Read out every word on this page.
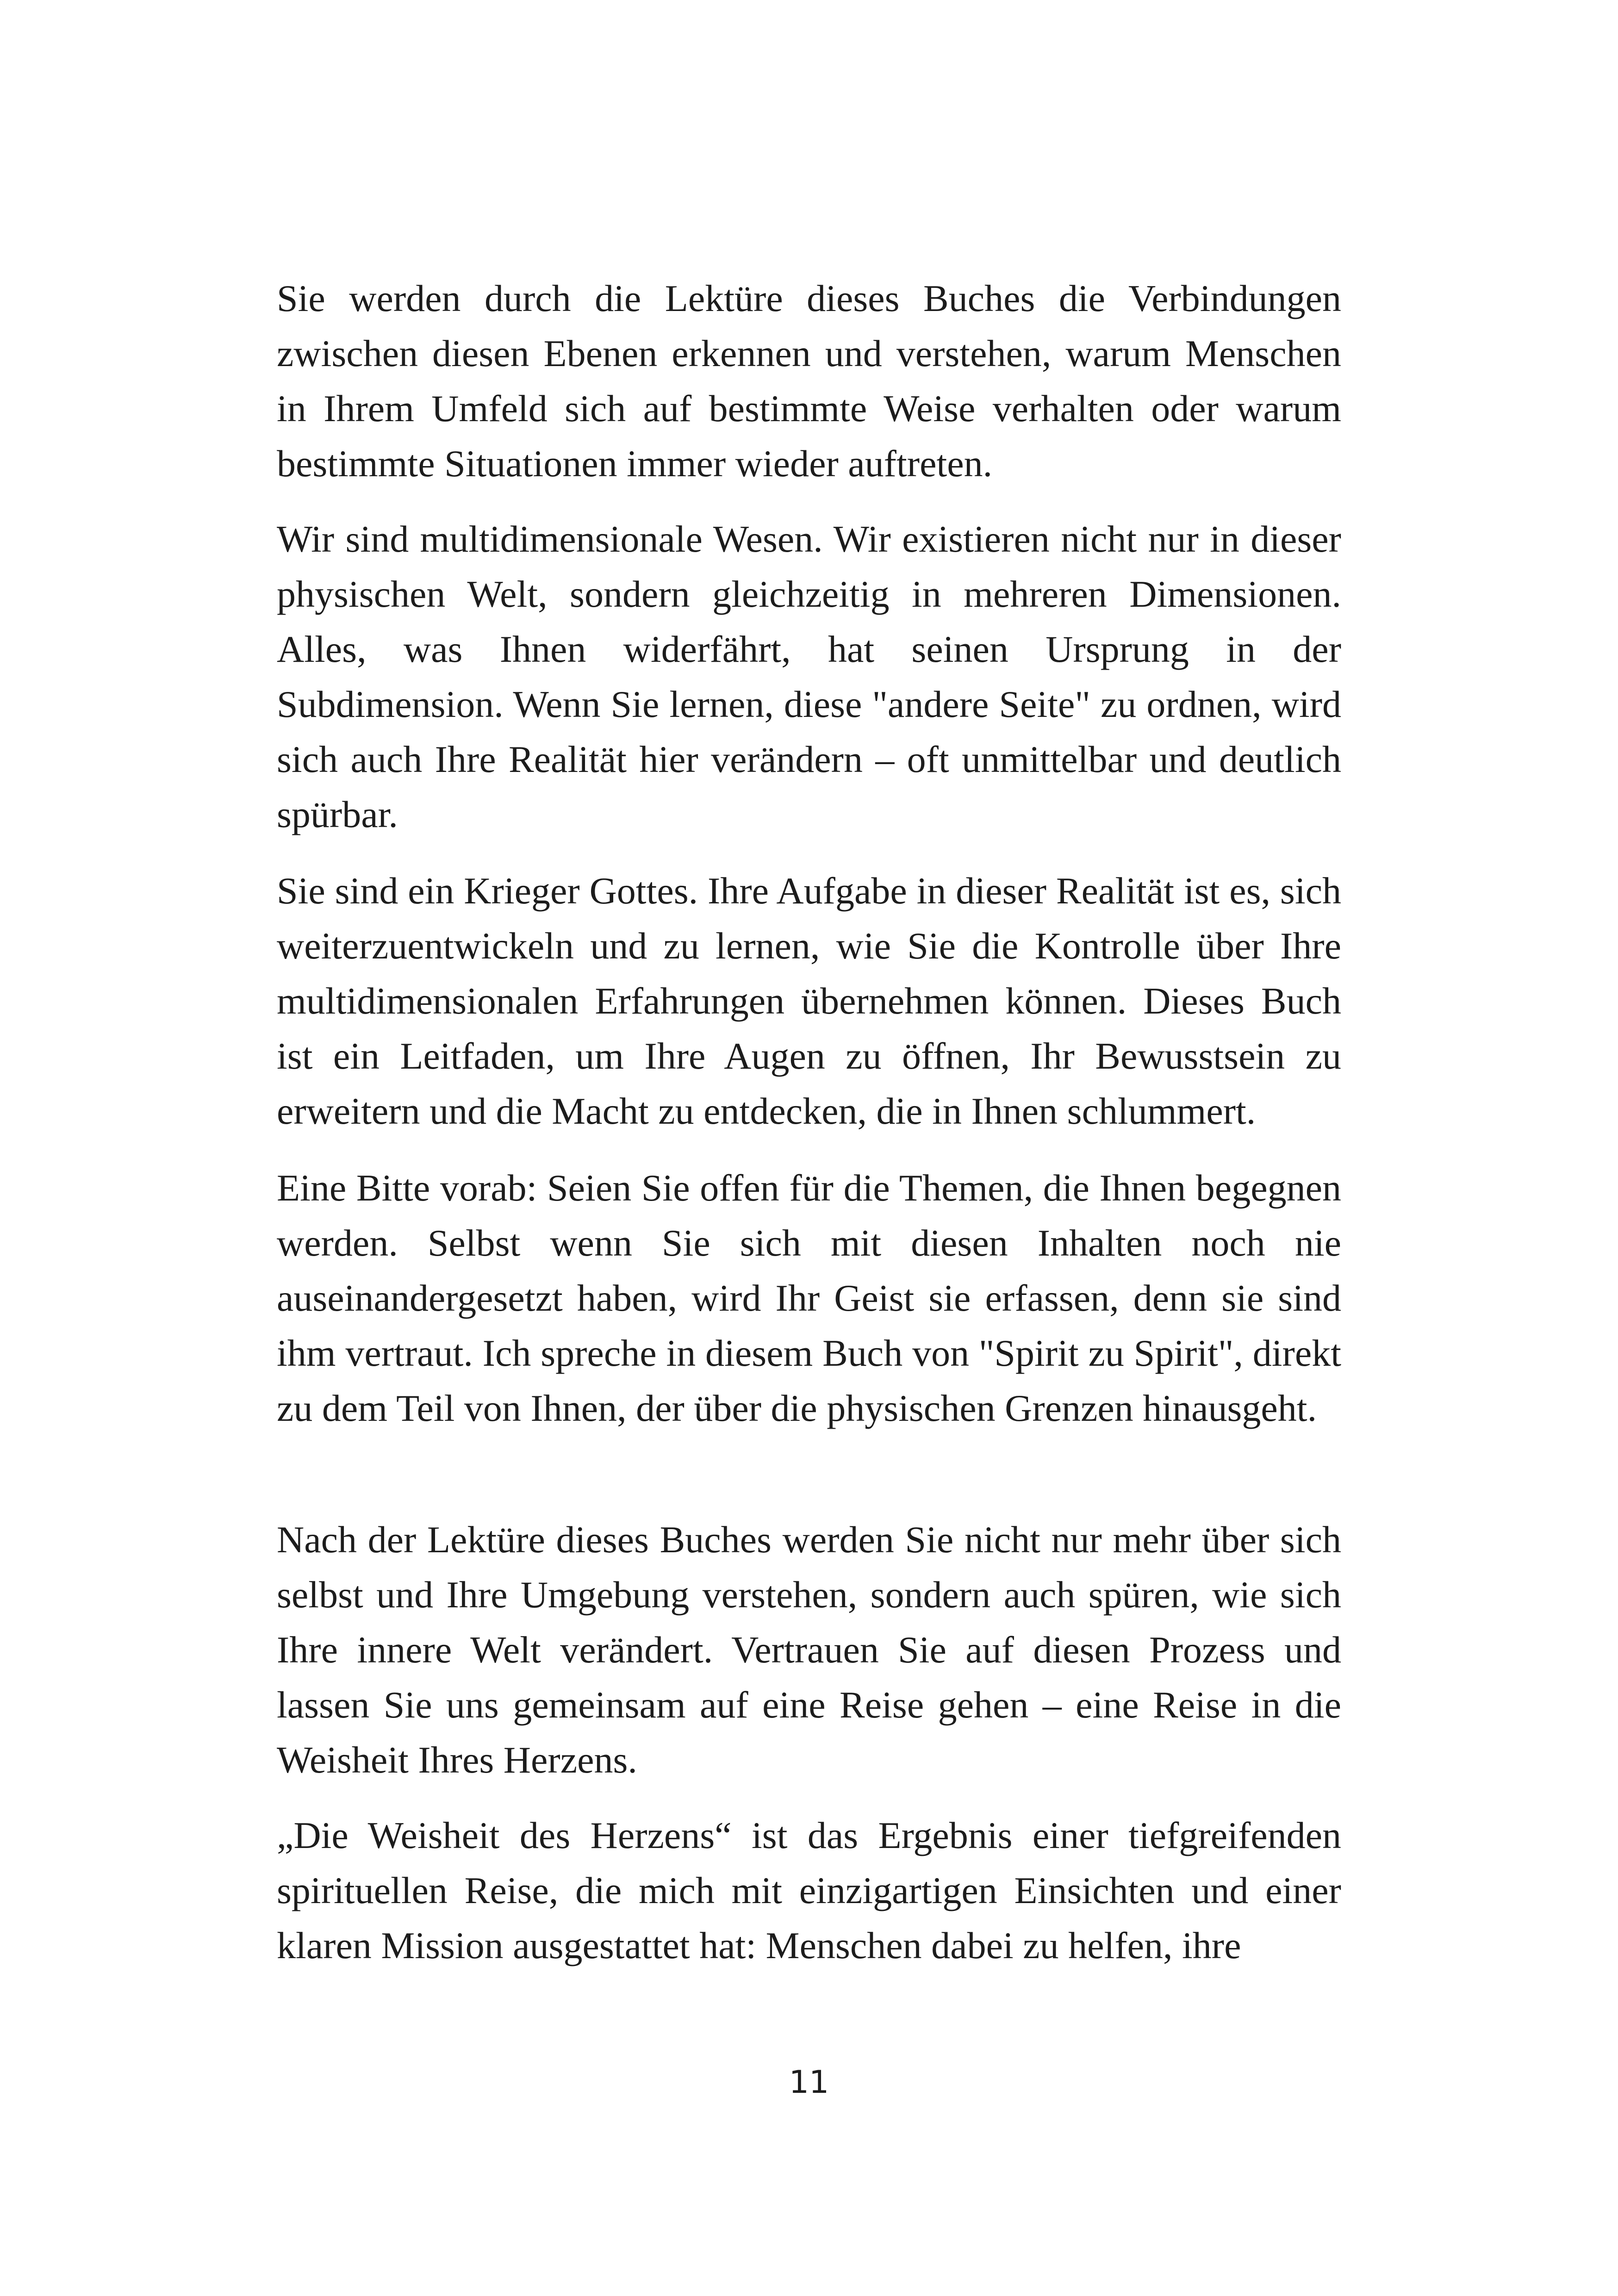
Sie werden durch die Lektüre dieses Buches die Verbindungen zwischen diesen Ebenen erkennen und verstehen, warum Menschen in Ihrem Umfeld sich auf bestimmte Weise verhalten oder warum bestimmte Situationen immer wieder auftreten.

Wir sind multidimensionale Wesen. Wir existieren nicht nur in dieser physischen Welt, sondern gleichzeitig in mehreren Dimensionen. Alles, was Ihnen widerfährt, hat seinen Ursprung in der Subdimension. Wenn Sie lernen, diese "andere Seite" zu ordnen, wird sich auch Ihre Realität hier verändern – oft unmittelbar und deutlich spürbar.

Sie sind ein Krieger Gottes. Ihre Aufgabe in dieser Realität ist es, sich weiterzuentwickeln und zu lernen, wie Sie die Kontrolle über Ihre multidimensionalen Erfahrungen übernehmen können. Dieses Buch ist ein Leitfaden, um Ihre Augen zu öffnen, Ihr Bewusstsein zu erweitern und die Macht zu entdecken, die in Ihnen schlummert.

Eine Bitte vorab: Seien Sie offen für die Themen, die Ihnen begegnen werden. Selbst wenn Sie sich mit diesen Inhalten noch nie auseinandergesetzt haben, wird Ihr Geist sie erfassen, denn sie sind ihm vertraut. Ich spreche in diesem Buch von "Spirit zu Spirit", direkt zu dem Teil von Ihnen, der über die physischen Grenzen hinausgeht.

Nach der Lektüre dieses Buches werden Sie nicht nur mehr über sich selbst und Ihre Umgebung verstehen, sondern auch spüren, wie sich Ihre innere Welt verändert. Vertrauen Sie auf diesen Prozess und lassen Sie uns gemeinsam auf eine Reise gehen – eine Reise in die Weisheit Ihres Herzens.

„Die Weisheit des Herzens“ ist das Ergebnis einer tiefgreifenden spirituellen Reise, die mich mit einzigartigen Einsichten und einer klaren Mission ausgestattet hat: Menschen dabei zu helfen, ihre

11
